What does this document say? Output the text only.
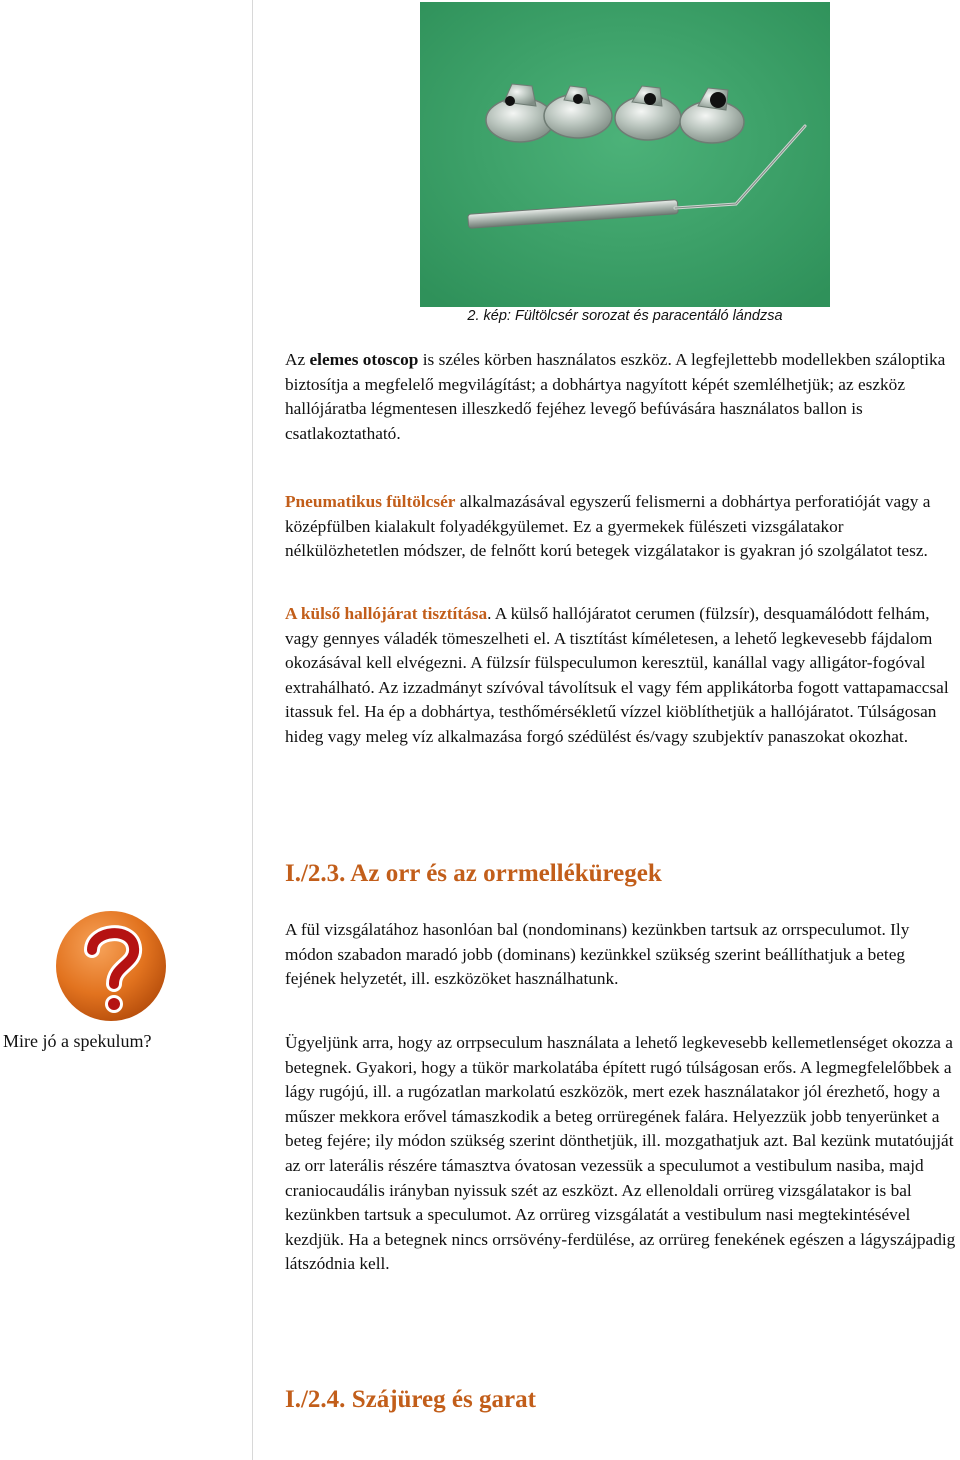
2. kép: Fültölcsér sorozat és paracentáló lándzsa

Az elemes otoscop is széles körben használatos eszköz. A legfejlettebb modellekben száloptika biztosítja a megfelelő megvilágítást; a dobhártya nagyított képét szemlélhetjük; az eszköz hallójáratba légmentesen illeszkedő fejéhez levegő befúvására használatos ballon is csatlakoztatható.

Pneumatikus fültölcsér alkalmazásával egyszerű felismerni a dobhártya perforatióját vagy a középfülben kialakult folyadékgyülemet. Ez a gyermekek fülészeti vizsgálatakor nélkülözhetetlen módszer, de felnőtt korú betegek vizgálatakor is gyakran jó szolgálatot tesz.

A külső hallójárat tisztítása. A külső hallójáratot cerumen (fülzsír), desquamálódott felhám, vagy gennyes váladék tömeszelheti el. A tisztítást kíméletesen, a lehető legkevesebb fájdalom okozásával kell elvégezni. A fülzsír fülspeculumon keresztül, kanállal vagy alligátor-fogóval extrahálható. Az izzadmányt szívóval távolítsuk el vagy fém applikátorba fogott vattapamaccsal itassuk fel. Ha ép a dobhártya, testhőmérsékletű vízzel kiöblíthetjük a hallójáratot. Túlságosan hideg vagy meleg víz alkalmazása forgó szédülést és/vagy szubjektív panaszokat okozhat.

I./2.3. Az orr és az orrmelléküregek

A fül vizsgálatához hasonlóan bal (nondominans) kezünkben tartsuk az orrspeculumot. Ily módon szabadon maradó jobb (dominans) kezünkkel szükség szerint beállíthatjuk a beteg fejének helyzetét, ill. eszközöket használhatunk.

Ügyeljünk arra, hogy az orrpseculum használata a lehető legkevesebb kellemetlenséget okozza a betegnek. Gyakori, hogy a tükör markolatába épített rugó túlságosan erős. A legmegfelelőbbek a lágy rugójú, ill. a rugózatlan markolatú eszközök, mert ezek használatakor jól érezhető, hogy a műszer mekkora erővel támaszkodik a beteg orrüregének falára. Helyezzük jobb tenyerünket a beteg fejére; ily módon szükség szerint dönthetjük, ill. mozgathatjuk azt. Bal kezünk mutatóujját az orr laterális részére támasztva óvatosan vezessük a speculumot a vestibulum nasiba, majd craniocaudális irányban nyissuk szét az eszközt. Az ellenoldali orrüreg vizsgálatakor is bal kezünkben tartsuk a speculumot. Az orrüreg vizsgálatát a vestibulum nasi megtekintésével kezdjük. Ha a betegnek nincs orrsövény-ferdülése, az orrüreg fenekének egészen a lágyszájpadig látszódnia kell.

I./2.4. Szájüreg és garat
Mire jó a spekulum?
